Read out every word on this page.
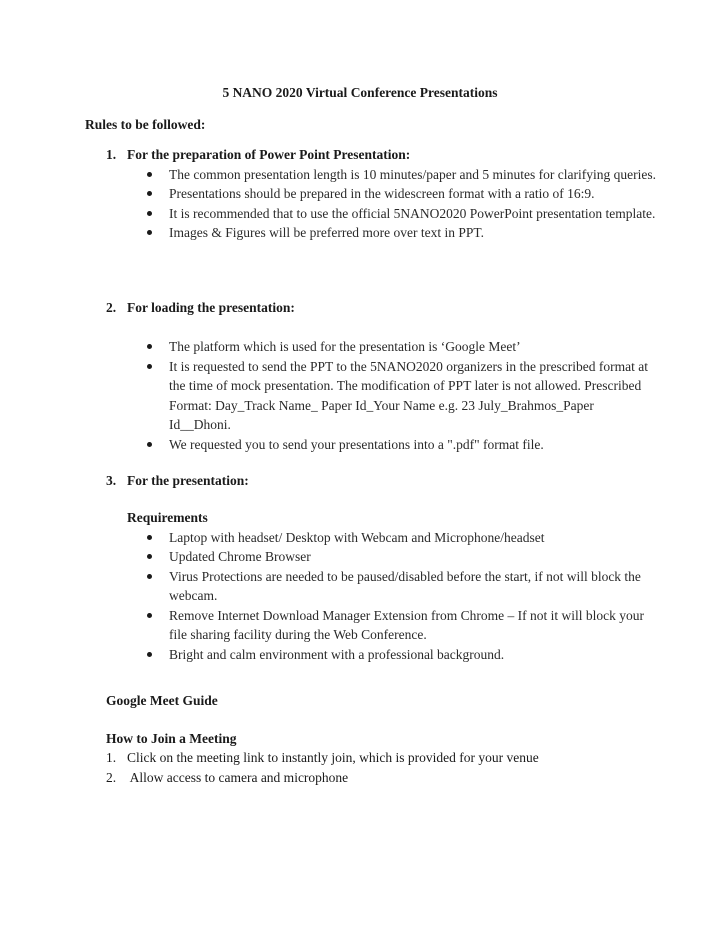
5 NANO 2020 Virtual Conference Presentations
Rules to be followed:
1. For the preparation of Power Point Presentation:
The common presentation length is 10 minutes/paper and 5 minutes for clarifying queries.
Presentations should be prepared in the widescreen format with a ratio of 16:9.
It is recommended that to use the official 5NANO2020 PowerPoint presentation template.
Images & Figures will be preferred more over text in PPT.
2. For loading the presentation:
The platform which is used for the presentation is ‘Google Meet’
It is requested to send the PPT to the 5NANO2020 organizers in the prescribed format at the time of mock presentation. The modification of PPT later is not allowed. Prescribed Format: Day_Track Name_ Paper Id_Your Name e.g. 23 July_Brahmos_Paper Id__Dhoni.
We requested you to send your presentations into a ".pdf" format file.
3. For the presentation:
Requirements
Laptop with headset/ Desktop with Webcam and Microphone/headset
Updated Chrome Browser
Virus Protections are needed to be paused/disabled before the start, if not will block the webcam.
Remove Internet Download Manager Extension from Chrome – If not it will block your file sharing facility during the Web Conference.
Bright and calm environment with a professional background.
Google Meet Guide
How to Join a Meeting
1. Click on the meeting link to instantly join, which is provided for your venue
2. Allow access to camera and microphone
